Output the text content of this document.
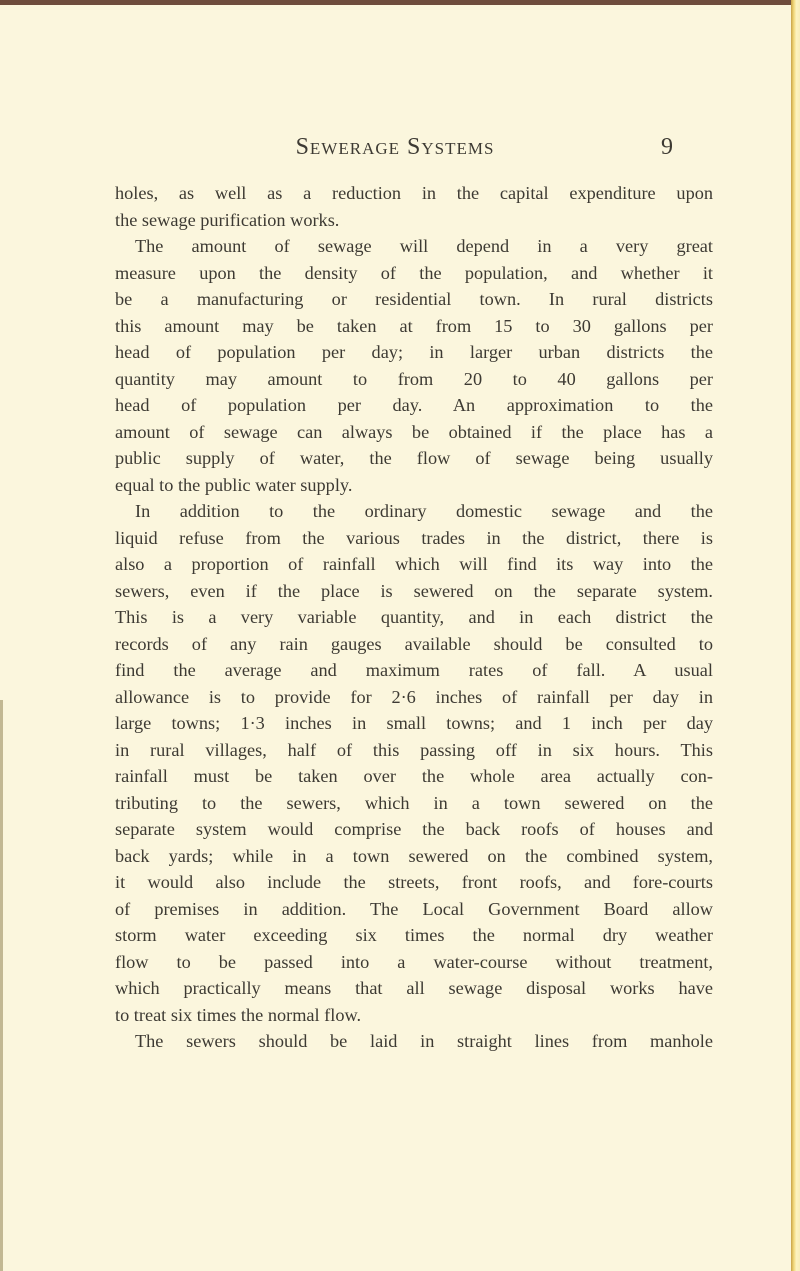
Sewerage Systems	9
holes, as well as a reduction in the capital expenditure upon
the sewage purification works.
The amount of sewage will depend in a very great
measure upon the density of the population, and whether it
be a manufacturing or residential town. In rural districts
this amount may be taken at from 15 to 30 gallons per
head of population per day; in larger urban districts the
quantity may amount to from 20 to 40 gallons per
head of population per day. An approximation to the
amount of sewage can always be obtained if the place has a
public supply of water, the flow of sewage being usually
equal to the public water supply.
In addition to the ordinary domestic sewage and the
liquid refuse from the various trades in the district, there is
also a proportion of rainfall which will find its way into the
sewers, even if the place is sewered on the separate system.
This is a very variable quantity, and in each district the
records of any rain gauges available should be consulted to
find the average and maximum rates of fall. A usual
allowance is to provide for 2·6 inches of rainfall per day in
large towns; 1·3 inches in small towns; and 1 inch per day
in rural villages, half of this passing off in six hours. This
rainfall must be taken over the whole area actually con-
tributing to the sewers, which in a town sewered on the
separate system would comprise the back roofs of houses and
back yards; while in a town sewered on the combined system,
it would also include the streets, front roofs, and fore-courts
of premises in addition. The Local Government Board allow
storm water exceeding six times the normal dry weather
flow to be passed into a water-course without treatment,
which practically means that all sewage disposal works have
to treat six times the normal flow.
The sewers should be laid in straight lines from manhole
